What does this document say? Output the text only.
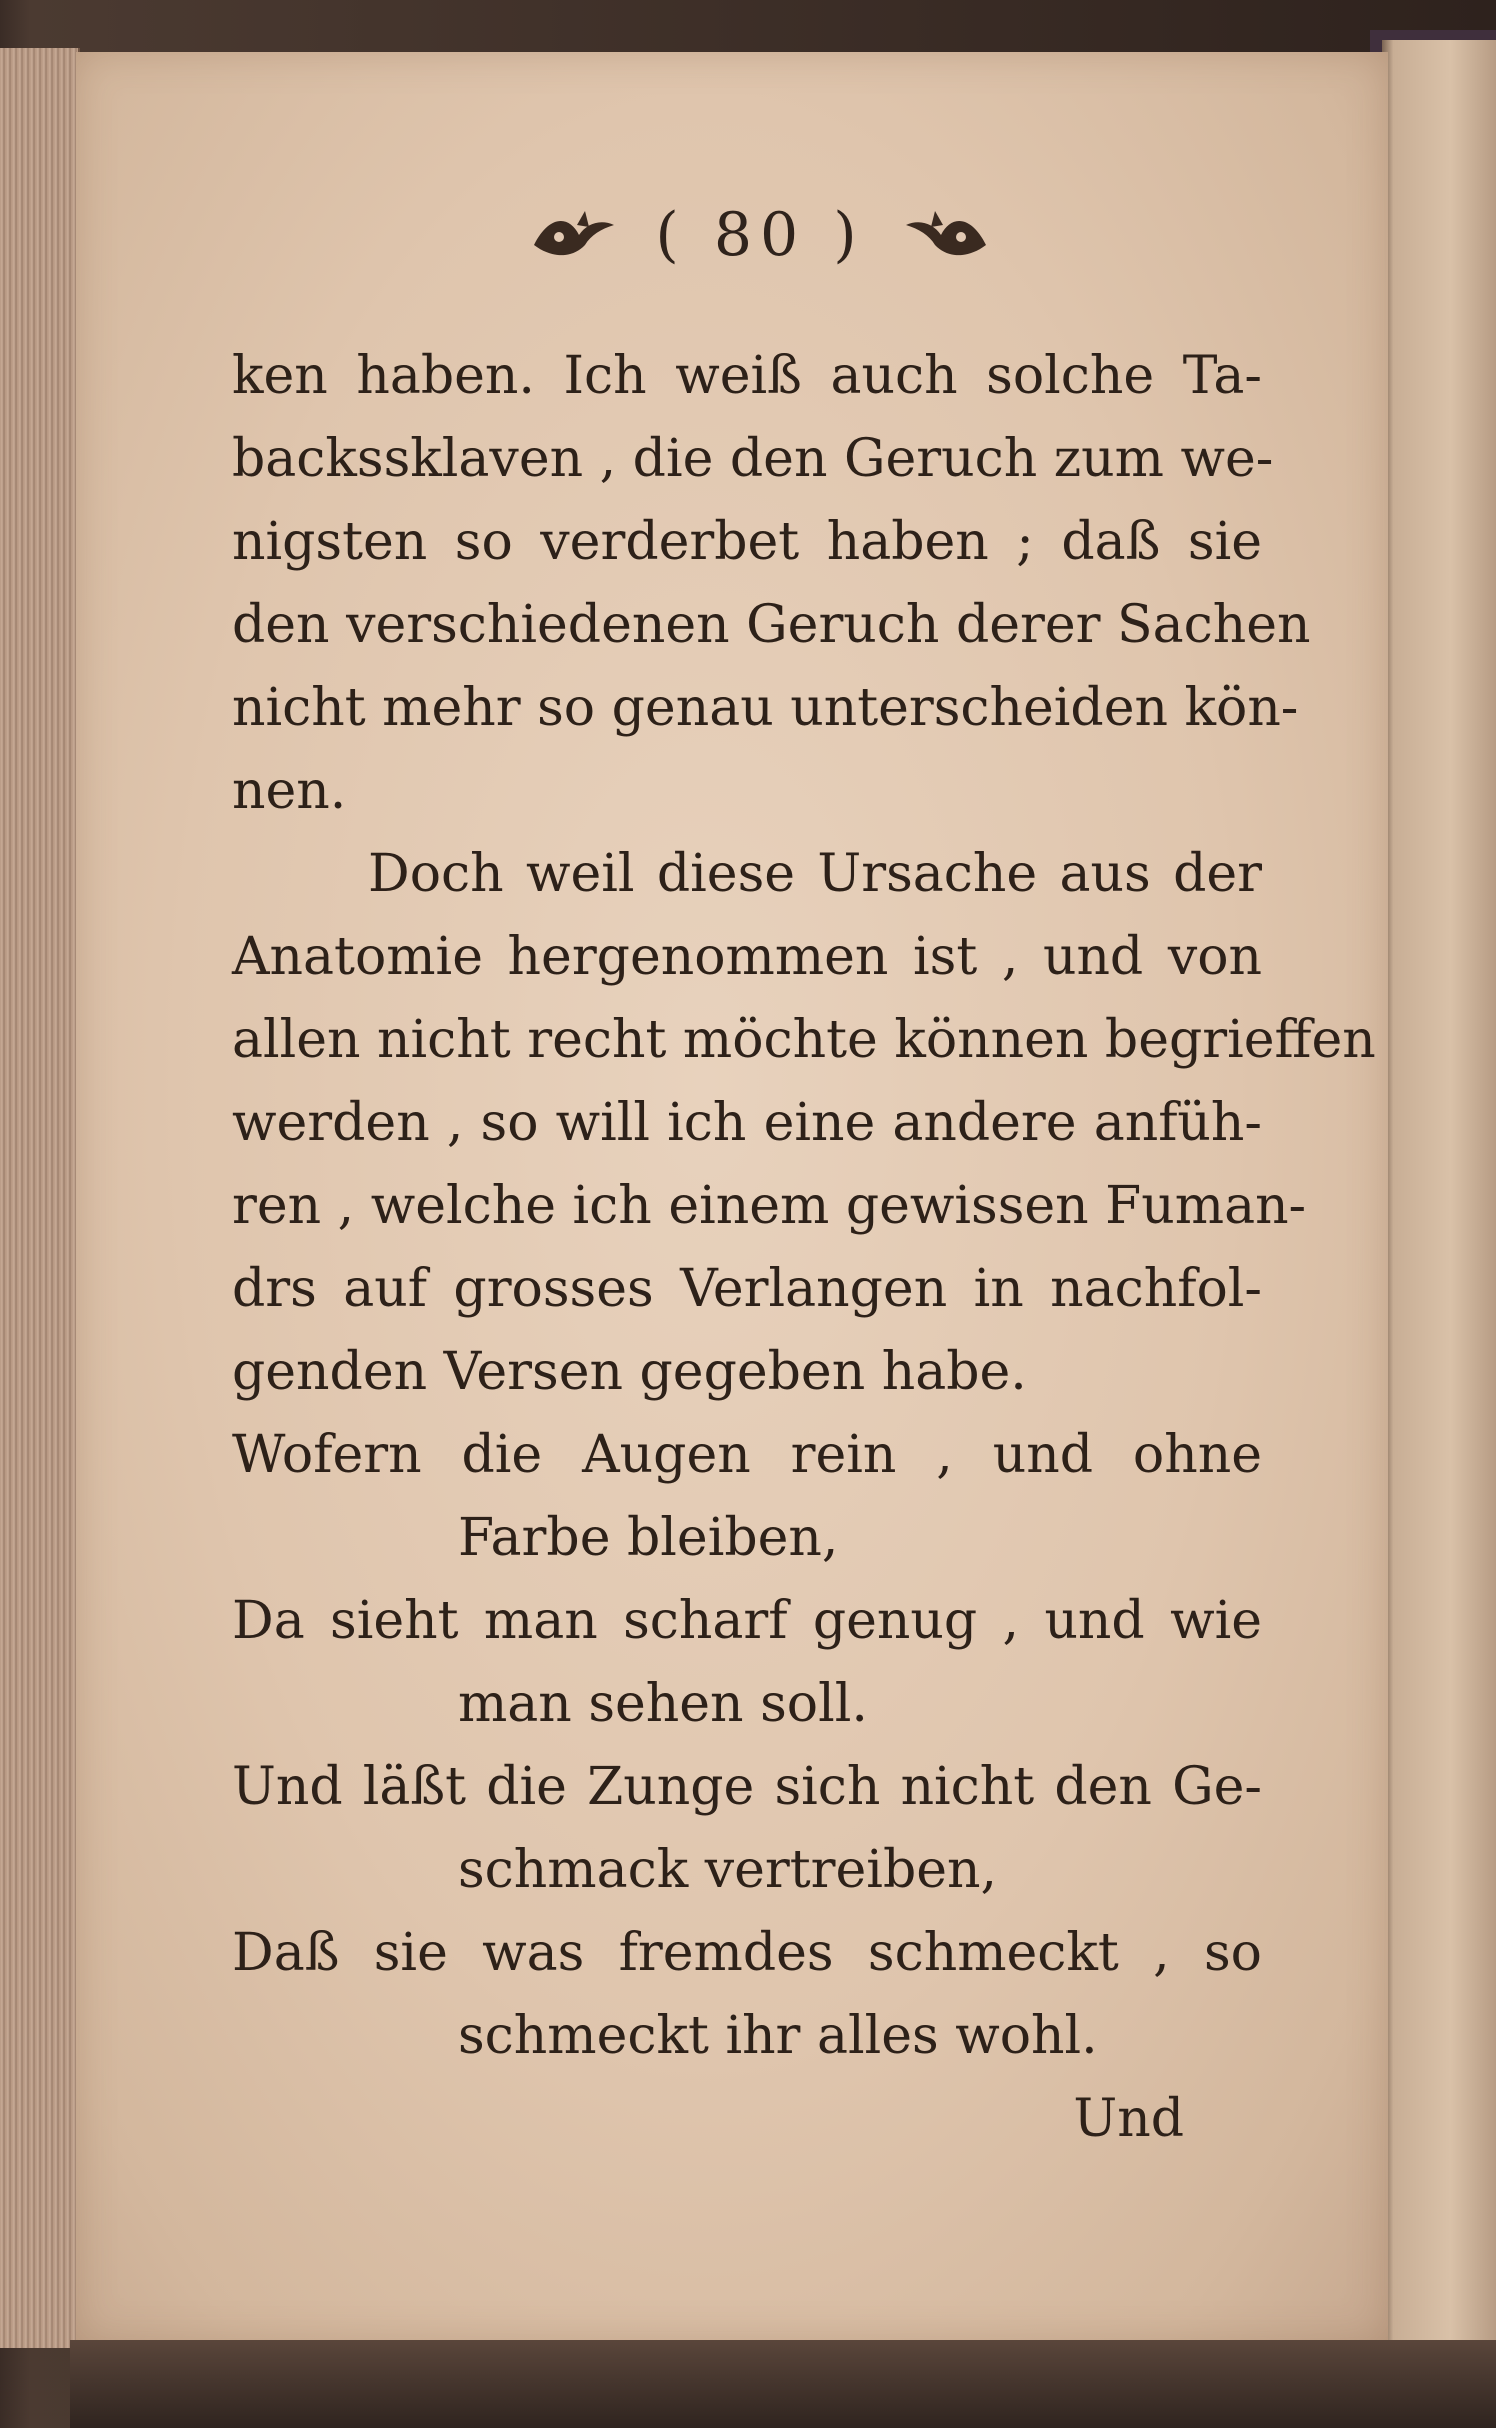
( 80 )
ken haben. Ich weiß auch solche Ta-
backssklaven , die den Geruch zum we-
nigsten so verderbet haben ; daß sie
den verschiedenen Geruch derer Sachen
nicht mehr so genau unterscheiden kön-
nen.
Doch weil diese Ursache aus der
Anatomie hergenommen ist , und von
allen nicht recht möchte können begrieffen
werden , so will ich eine andere anfüh-
ren , welche ich einem gewissen Fuman-
drs auf grosses Verlangen in nachfol-
genden Versen gegeben habe.
Wofern die Augen rein , und ohne
Farbe bleiben,
Da sieht man scharf genug , und wie
man sehen soll.
Und läßt die Zunge sich nicht den Ge-
schmack vertreiben,
Daß sie was fremdes schmeckt , so
schmeckt ihr alles wohl.
Und
